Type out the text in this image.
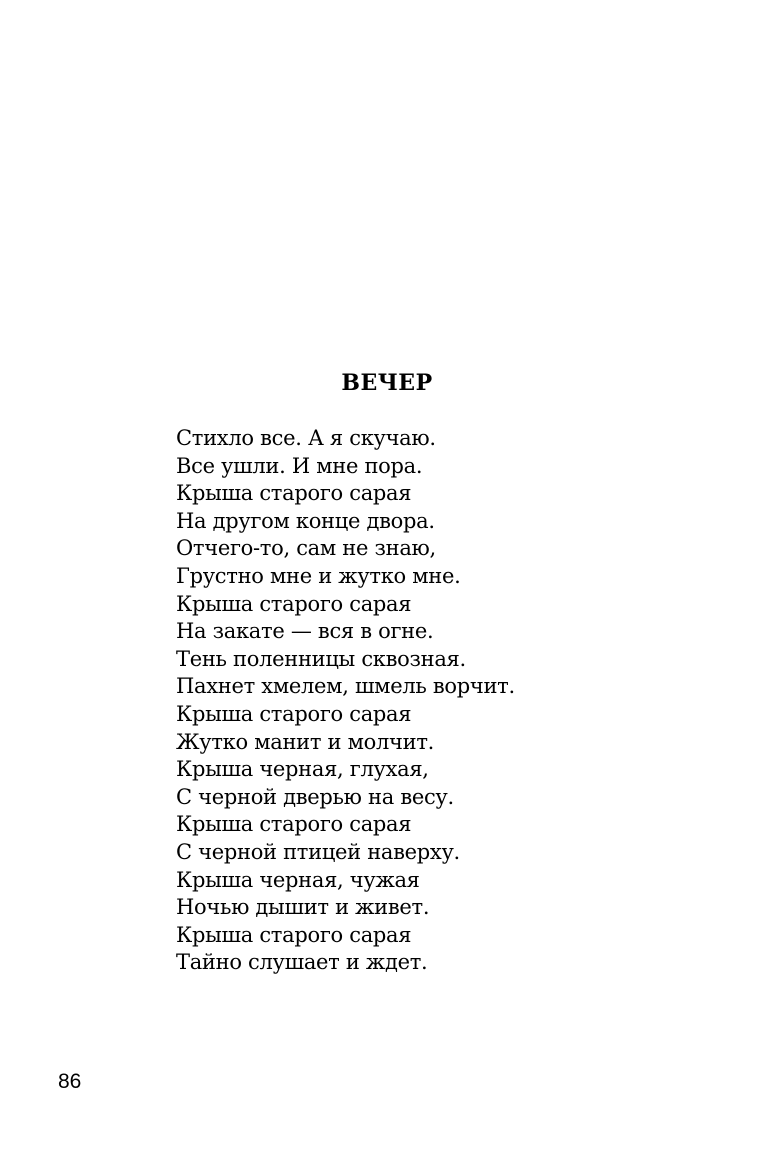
ВЕЧЕР
Стихло все. А я скучаю.
Все ушли. И мне пора.
Крыша старого сарая
На другом конце двора.
Отчего-то, сам не знаю,
Грустно мне и жутко мне.
Крыша старого сарая
На закате — вся в огне.
Тень поленницы сквозная.
Пахнет хмелем, шмель ворчит.
Крыша старого сарая
Жутко манит и молчит.
Крыша черная, глухая,
С черной дверью на весу.
Крыша старого сарая
С черной птицей наверху.
Крыша черная, чужая
Ночью дышит и живет.
Крыша старого сарая
Тайно слушает и ждет.
86
